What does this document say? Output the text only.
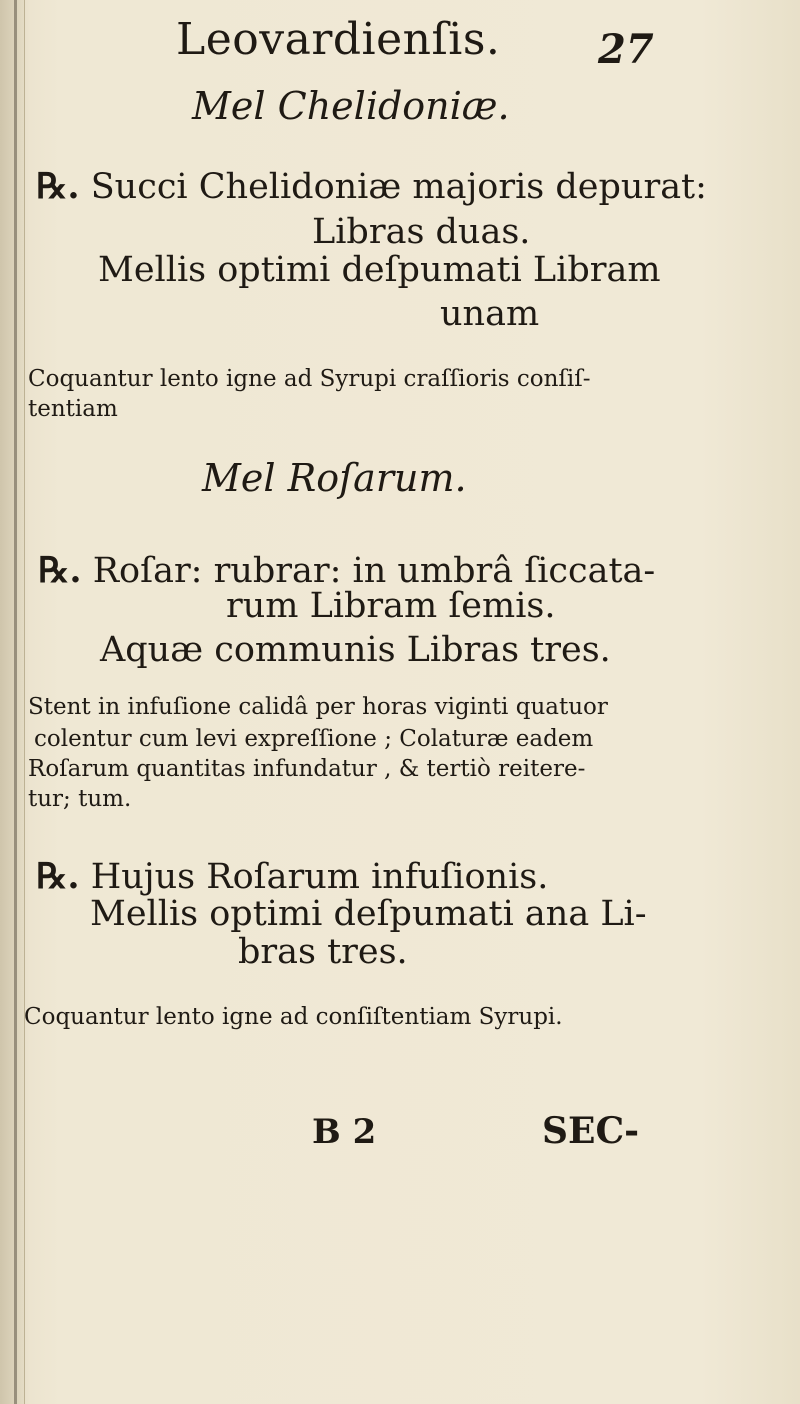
Leovardienſis. 27
Mel Chelidoniæ.
℞. Succi Chelidoniæ majoris depurat:
Libras duas.
Mellis optimi deſpumati Libram
unam
Coquantur lento igne ad Syrupi craſſioris conſiſ-
tentiam
Mel Roſarum.
℞. Roſar: rubrar: in umbrâ ſiccata-
rum Libram ſemis.
Aquæ communis Libras tres.
Stent in infuſione calidâ per horas viginti quatuor
colentur cum levi expreſſione ; Colaturæ eadem
Roſarum quantitas infundatur , & tertiò reitere-
tur; tum.
℞. Hujus Roſarum infuſionis.
Mellis optimi deſpumati ana Li-
bras tres.
Coquantur lento igne ad conſiſtentiam Syrupi.
B 2	SEC-
